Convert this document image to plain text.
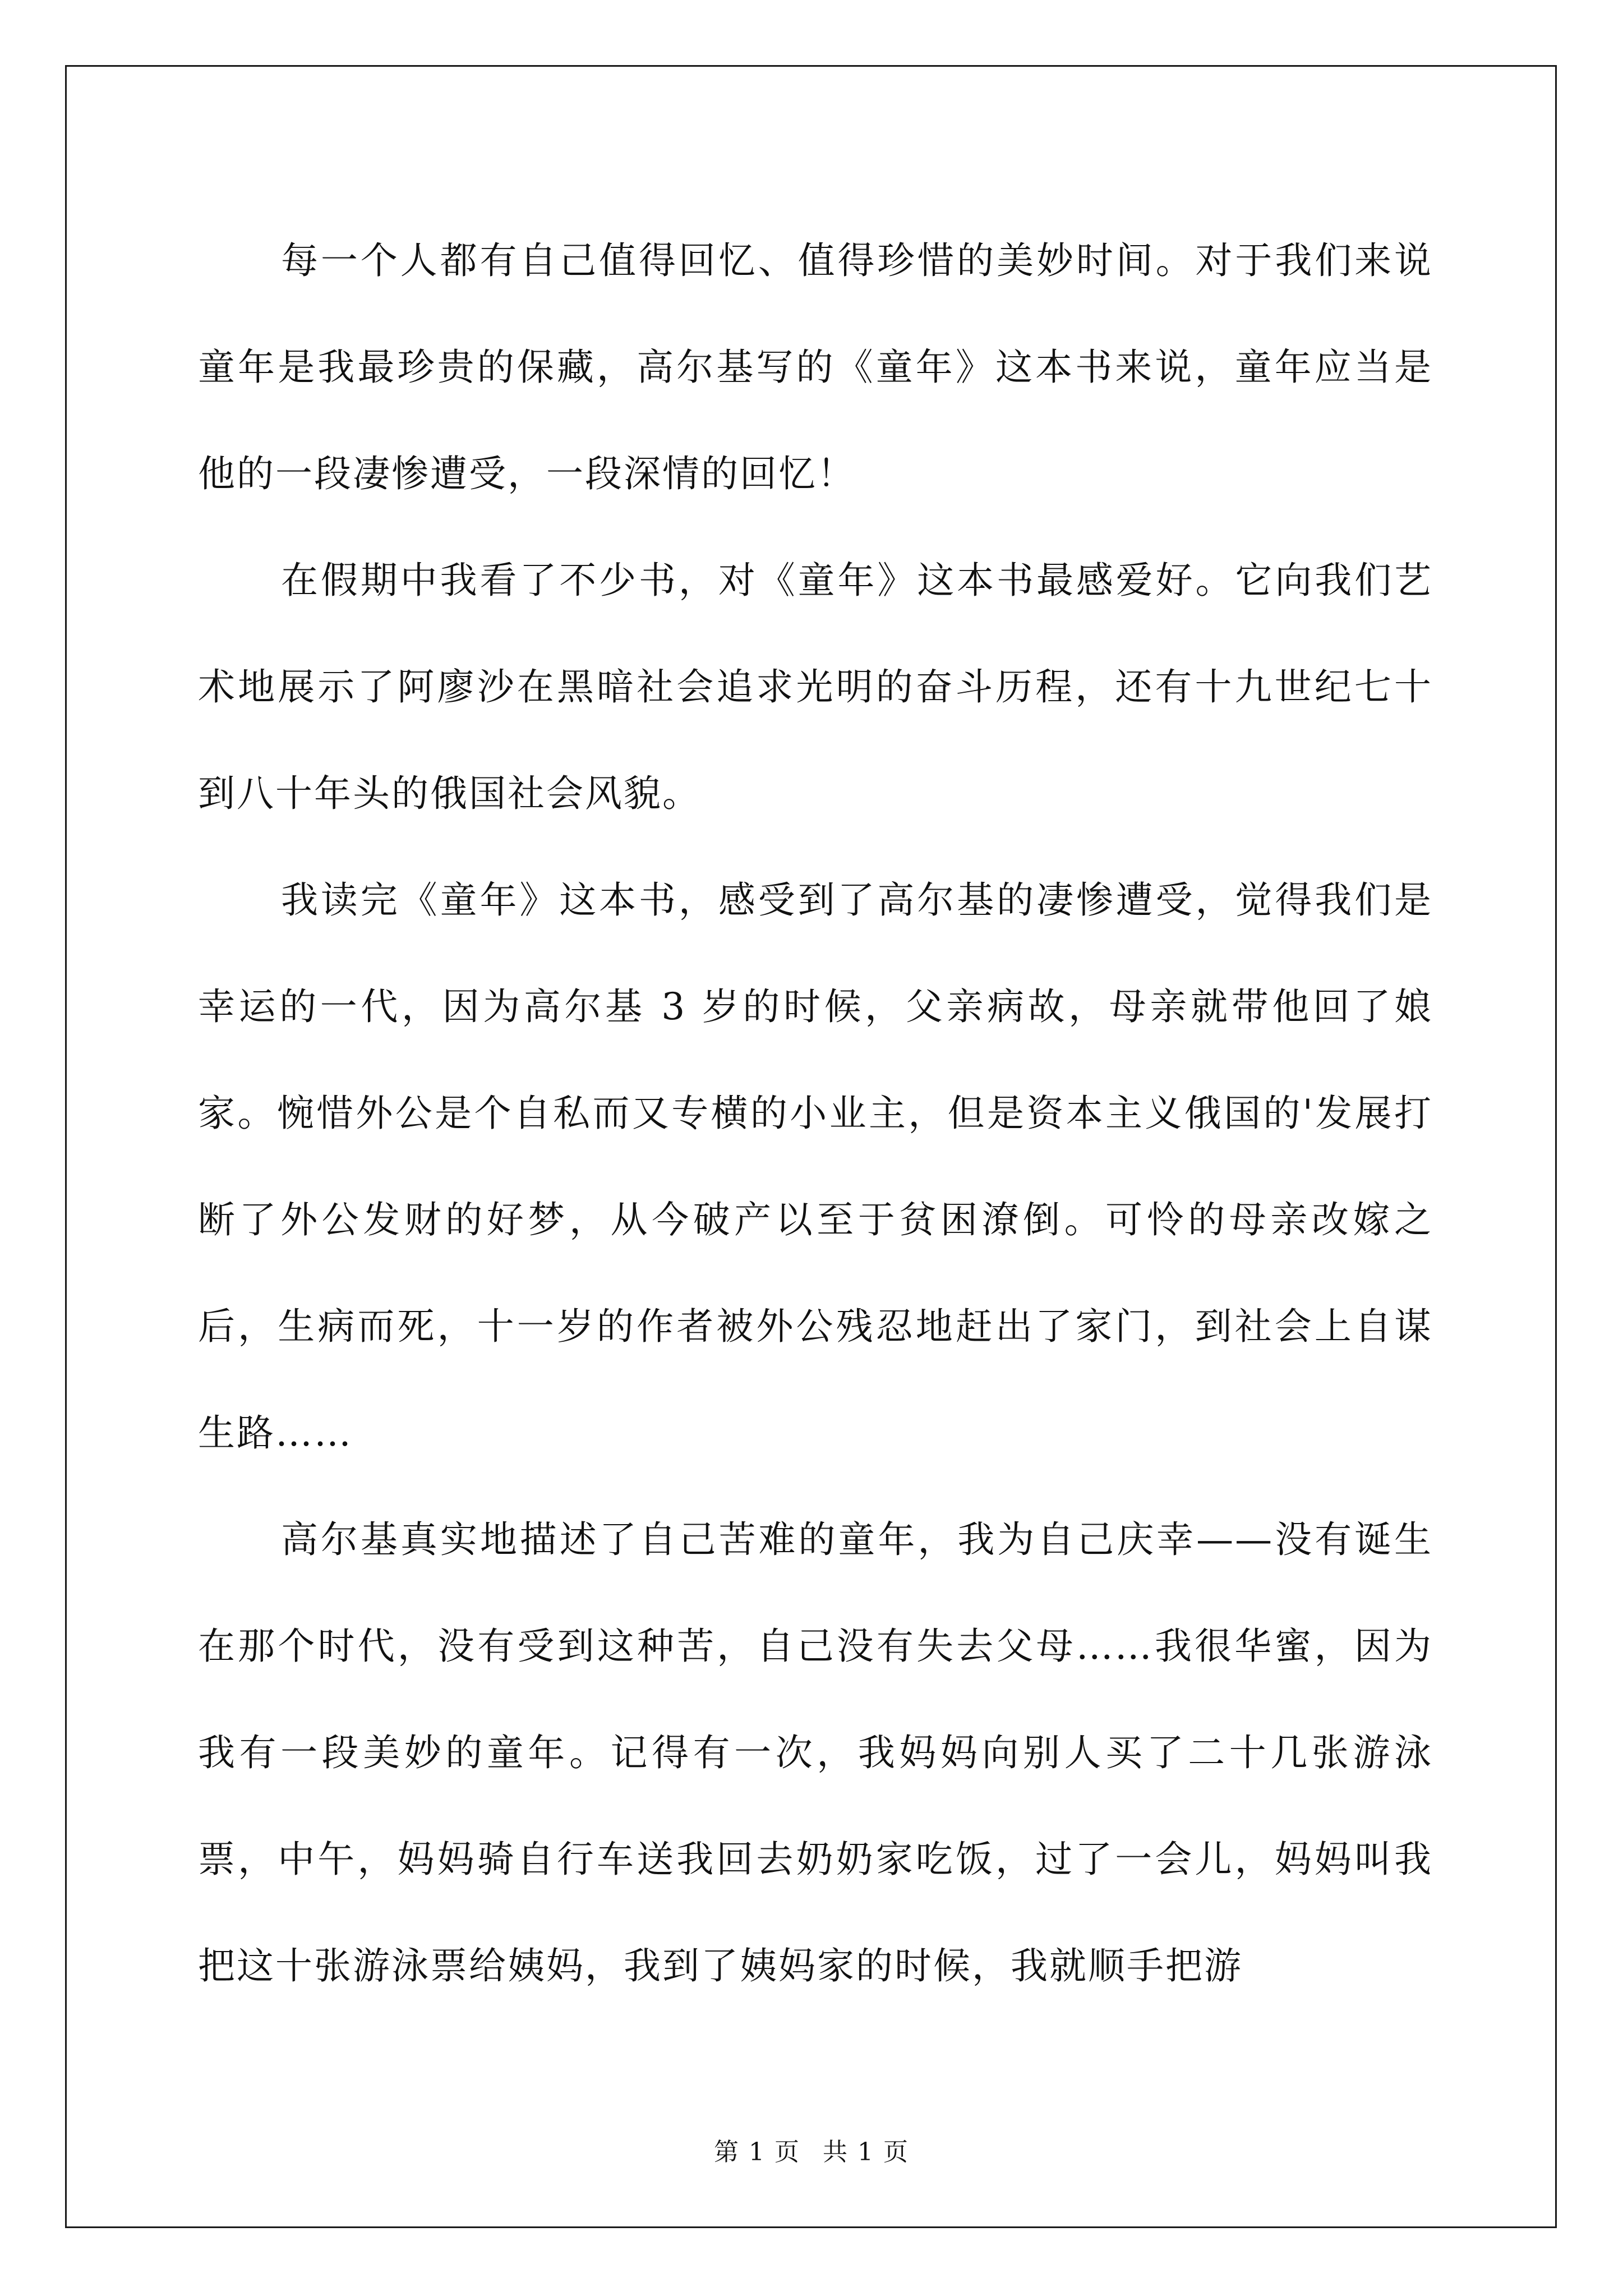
每一个人都有自己值得回忆、值得珍惜的美妙时间。对于我们来说童年是我最珍贵的保藏，高尔基写的《童年》这本书来说，童年应当是他的一段凄惨遭受，一段深情的回忆！

在假期中我看了不少书，对《童年》这本书最感爱好。它向我们艺术地展示了阿廖沙在黑暗社会追求光明的奋斗历程，还有十九世纪七十到八十年头的俄国社会风貌。

我读完《童年》这本书，感受到了高尔基的凄惨遭受，觉得我们是幸运的一代，因为高尔基 3 岁的时候，父亲病故，母亲就带他回了娘家。惋惜外公是个自私而又专横的小业主，但是资本主义俄国的'发展打断了外公发财的好梦，从今破产以至于贫困潦倒。可怜的母亲改嫁之后，生病而死，十一岁的作者被外公残忍地赶出了家门，到社会上自谋生路……

高尔基真实地描述了自己苦难的童年，我为自己庆幸——没有诞生在那个时代，没有受到这种苦，自己没有失去父母……我很华蜜，因为我有一段美妙的童年。记得有一次，我妈妈向别人买了二十几张游泳票，中午，妈妈骑自行车送我回去奶奶家吃饭，过了一会儿，妈妈叫我把这十张游泳票给姨妈，我到了姨妈家的时候，我就顺手把游

第 1 页 共 1 页
